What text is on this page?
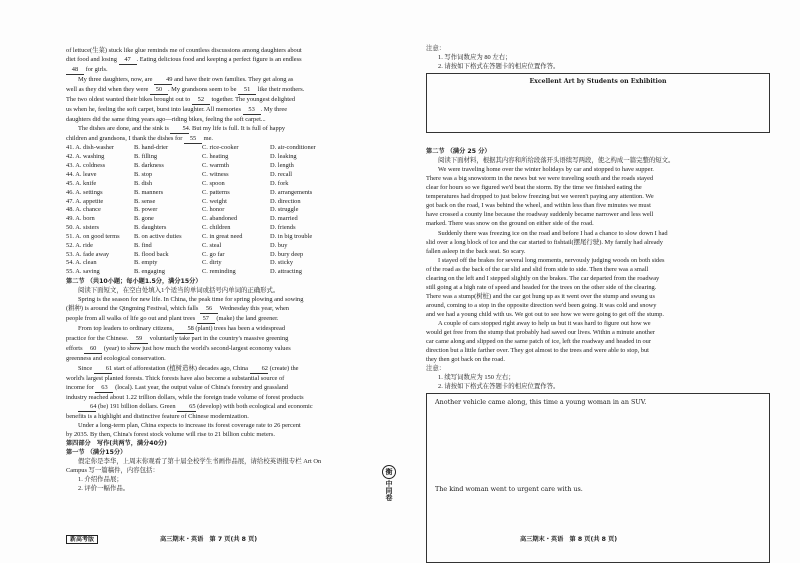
of lettuce(生菜) stuck like glue reminds me of countless discussions among daughters about

diet food and losing 47 . Eating delicious food and keeping a perfect figure is an endless

48 for girls.

My three daughters, now, are 49 and have their own families. They get along as

well as they did when they were 50 . My grandsons seem to be 51 like their mothers.

The two oldest wanted their bikes brought out to 52 together. The youngest delighted

us when he, feeling the soft carpet, burst into laughter. All memories 53 . My three

daughters did the same thing years ago—riding bikes, feeling the soft carpet...

The dishes are done, and the sink is 54. But my life is full. It is full of happy

children and grandsons, I thank the dishes for 55 me.

41. A. dish-washer	B. hand-drier	C. rice-cooker	D. air-conditioner
42. A. washing	B. filling	C. heating	D. leaking
43. A. coldness	B. darkness	C. warmth	D. length
44. A. leave	B. stop	C. witness	D. recall
45. A. knife	B. dish	C. spoon	D. fork
46. A. settings	B. manners	C. patterns	D. arrangements
47. A. appetite	B. sense	C. weight	D. direction
48. A. chance	B. power	C. honor	D. struggle
49. A. born	B. gone	C. abandoned	D. married
50. A. sisters	B. daughters	C. children	D. friends
51. A. on good terms	B. on active duties	C. in great need	D. in big trouble
52. A. ride	B. find	C. steal	D. buy
53. A. fade away	B. flood back	C. go far	D. bury deep
54. A. clean	B. empty	C. dirty	D. sticky
55. A. saving	B. engaging	C. reminding	D. attracting

第二节 （共10小题；每小题1.5分，满分15分）

阅读下面短文，在空白处填入1个适当的单词或括号内单词的正确形式。

Spring is the season for new life. In China, the peak time for spring plowing and sowing

(耕种) is around the Qingming Festival, which falls 56 Wednesday this year, when

people from all walks of life go out and plant trees 57 (make) the land greener.

From top leaders to ordinary citizens, 58 (plant) trees has been a widespread

practice for the Chinese. 59 voluntarily take part in the country's massive greening

efforts 60 (year) to show just how much the world's second-largest economy values

greenness and ecological conservation.

Since 61 start of afforestation (植树造林) decades ago, China 62 (create) the

world's largest planted forests. Thick forests have also become a substantial source of

income for 63 (local). Last year, the output value of China's forestry and grassland

industry reached about 1.22 trillion dollars, while the foreign trade volume of forest products

64 (be) 191 billion dollars. Green 65 (develop) with both ecological and economic

benefits is a highlight and distinctive feature of Chinese modernization.

Under a long-term plan, China expects to increase its forest coverage rate to 26 percent

by 2035. By then, China's forest stock volume will rise to 21 billion cubic meters.

第四部分　写作(共两节，满分40分)

第一节 （满分15分）

假定你是李华，上周末你观看了第十届全校学生书画作品展，请给校英语报专栏 Art On

Campus 写一篇稿件，内容包括：

1. 介绍作品展；

2. 评价一幅作品。

新高考版	高三期末・英语　第 7 页(共 8 页)
衡
中同卷

注意：

1. 写作词数应为 80 左右；

2. 请按如下格式在答题卡的相应位置作答。

Excellent Art by Students on Exhibition

第二节 （满分 25 分）

阅读下面材料，根据其内容和所给段落开头语续写两段，使之构成一篇完整的短文。

We were traveling home over the winter holidays by car and stopped to have supper.

There was a big snowstorm in the news but we were traveling south and the roads stayed

clear for hours so we figured we'd beat the storm. By the time we finished eating the

temperatures had dropped to just below freezing but we weren't paying any attention. We

got back on the road, I was behind the wheel, and within less than five minutes we must

have crossed a county line because the roadway suddenly became narrower and less well

marked. There was snow on the ground on either side of the road.

Suddenly there was freezing ice on the road and before I had a chance to slow down I had

slid over a long block of ice and the car started to fishtail(摆尾行驶). My family had already

fallen asleep in the back seat. So scary.

I stayed off the brakes for several long moments, nervously judging woods on both sides

of the road as the back of the car slid and slid from side to side. Then there was a small

clearing on the left and I stepped slightly on the brakes. The car departed from the roadway

still going at a high rate of speed and headed for the trees on the other side of the clearing.

There was a stump(树桩) and the car got hung up as it went over the stump and swung us

around, coming to a stop in the opposite direction we'd been going. It was cold and snowy

and we had a young child with us. We got out to see how we were going to get off the stump.

A couple of cars stopped right away to help us but it was hard to figure out how we

would get free from the stump that probably had saved our lives. Within a minute another

car came along and slipped on the same patch of ice, left the roadway and headed in our

direction but a little farther over. They got almost to the trees and were able to stop, but

they then got back on the road.

注意：

1. 续写词数应为 150 左右；

2. 请按如下格式在答题卡的相应位置作答。

Another vehicle came along, this time a young woman in an SUV.
The kind woman went to urgent care with us.
高三期末・英语　第 8 页(共 8 页)
